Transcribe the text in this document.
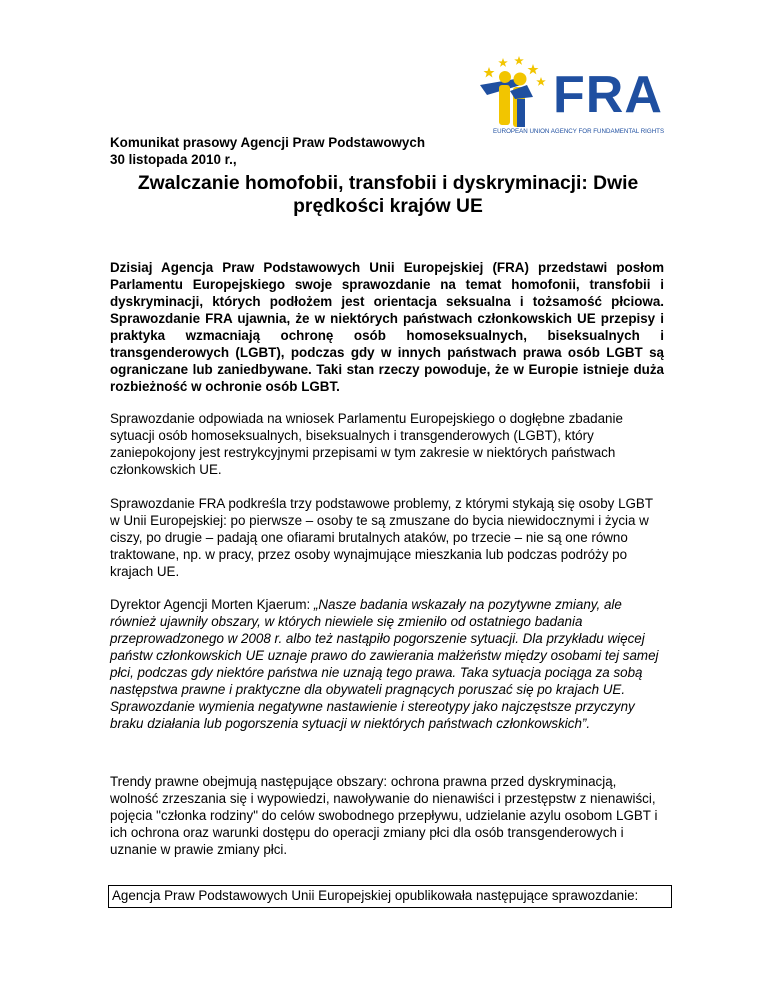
FRA
EUROPEAN UNION AGENCY FOR FUNDAMENTAL RIGHTS
Komunikat prasowy Agencji Praw Podstawowych
30 listopada 2010 r.,
Zwalczanie homofobii, transfobii i dyskryminacji: Dwie prędkości krajów UE

Dzisiaj Agencja Praw Podstawowych Unii Europejskiej (FRA) przedstawi posłom Parlamentu Europejskiego swoje sprawozdanie na temat homofonii, transfobii i dyskryminacji, których podłożem jest orientacja seksualna i tożsamość płciowa. Sprawozdanie FRA ujawnia, że w niektórych państwach członkowskich UE przepisy i praktyka wzmacniają ochronę osób homoseksualnych, biseksualnych i transgenderowych (LGBT), podczas gdy w innych państwach prawa osób LGBT są ograniczane lub zaniedbywane. Taki stan rzeczy powoduje, że w Europie istnieje duża rozbieżność w ochronie osób LGBT.

Sprawozdanie odpowiada na wniosek Parlamentu Europejskiego o dogłębne zbadanie sytuacji osób homoseksualnych, biseksualnych i transgenderowych (LGBT), który zaniepokojony jest restrykcyjnymi przepisami w tym zakresie w niektórych państwach członkowskich UE.

Sprawozdanie FRA podkreśla trzy podstawowe problemy, z którymi stykają się osoby LGBT w Unii Europejskiej: po pierwsze – osoby te są zmuszane do bycia niewidocznymi i życia w ciszy, po drugie – padają one ofiarami brutalnych ataków, po trzecie – nie są one równo traktowane, np. w pracy, przez osoby wynajmujące mieszkania lub podczas podróży po krajach UE.

Dyrektor Agencji Morten Kjaerum: „Nasze badania wskazały na pozytywne zmiany, ale również ujawniły obszary, w których niewiele się zmieniło od ostatniego badania przeprowadzonego w 2008 r. albo też nastąpiło pogorszenie sytuacji. Dla przykładu więcej państw członkowskich UE uznaje prawo do zawierania małżeństw między osobami tej samej płci, podczas gdy niektóre państwa nie uznają tego prawa. Taka sytuacja pociąga za sobą następstwa prawne i praktyczne dla obywateli pragnących poruszać się po krajach UE. Sprawozdanie wymienia negatywne nastawienie i stereotypy jako najczęstsze przyczyny braku działania lub pogorszenia sytuacji w niektórych państwach członkowskich”.

Trendy prawne obejmują następujące obszary: ochrona prawna przed dyskryminacją, wolność zrzeszania się i wypowiedzi, nawoływanie do nienawiści i przestępstw z nienawiści, pojęcia "członka rodziny" do celów swobodnego przepływu, udzielanie azylu osobom LGBT i ich ochrona oraz warunki dostępu do operacji zmiany płci dla osób transgenderowych i uznanie w prawie zmiany płci.

Agencja Praw Podstawowych Unii Europejskiej opublikowała następujące sprawozdanie:
